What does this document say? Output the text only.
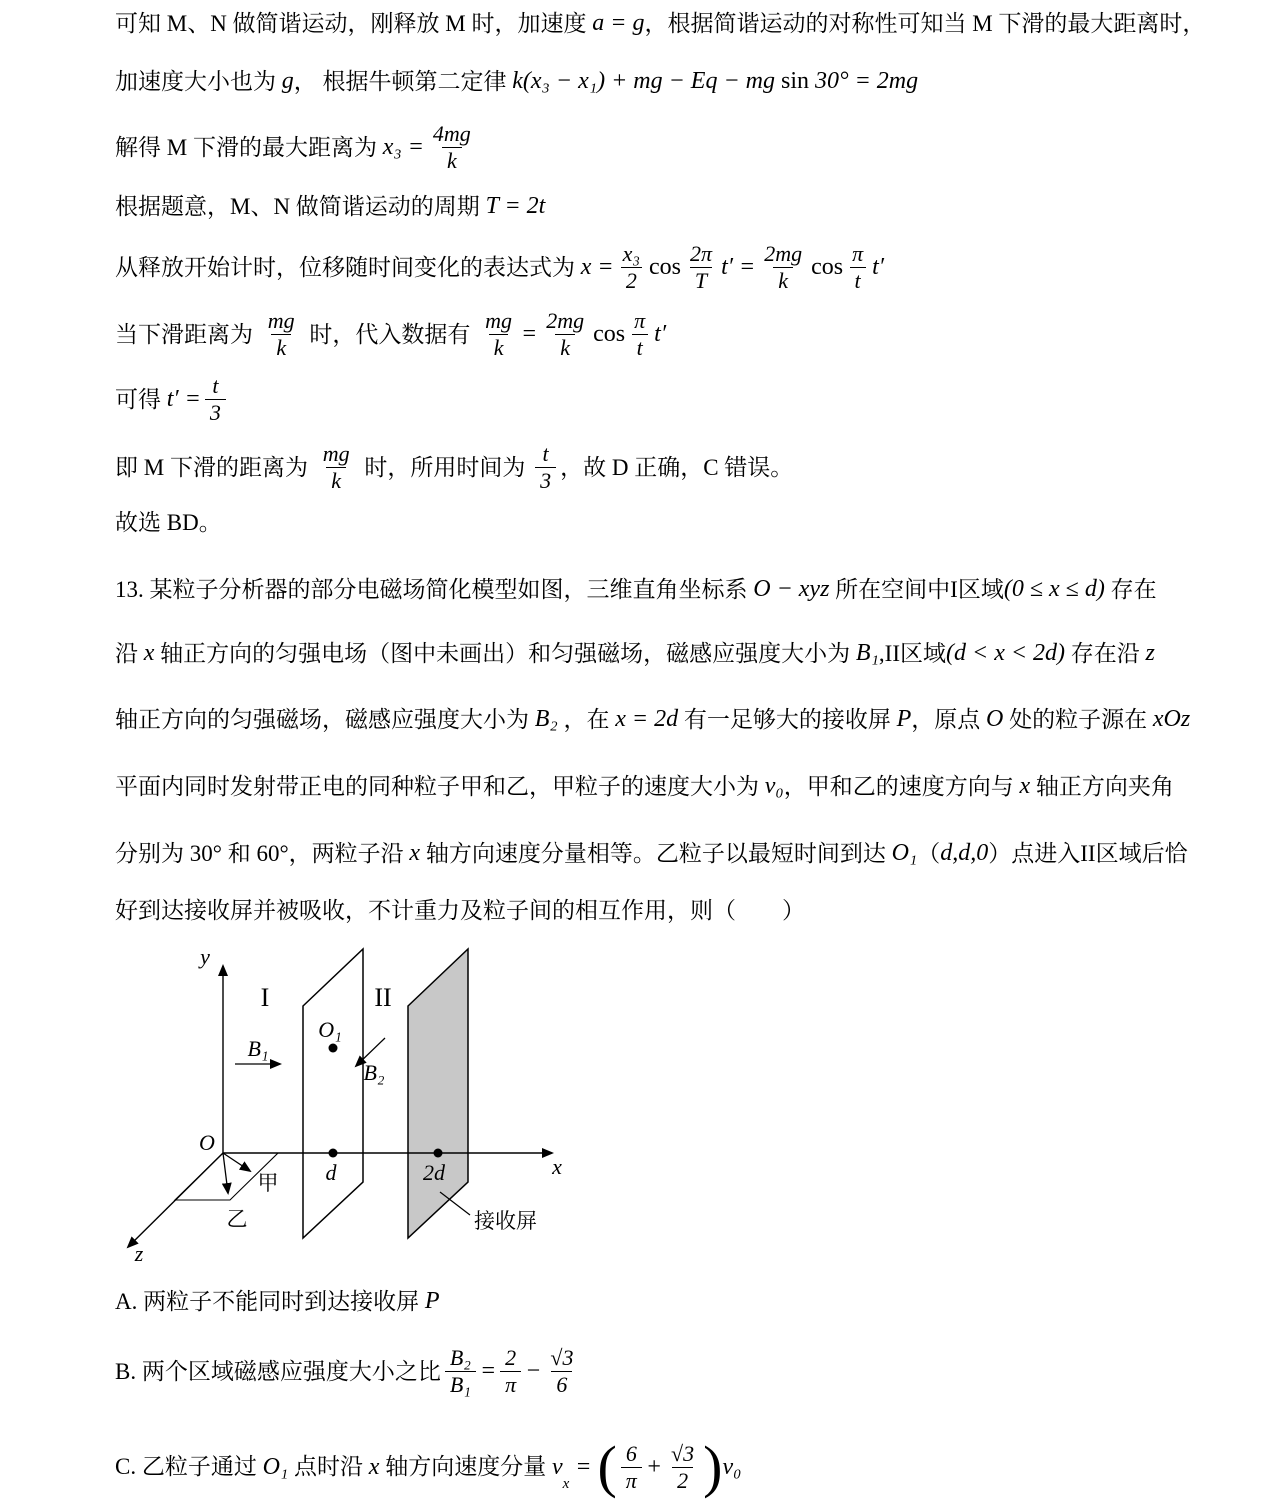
可知 M、N 做简谐运动，刚释放 M 时，加速度 a = g ，根据简谐运动的对称性可知当 M 下滑的最大距离时，
加速度大小也为 g ， 根据牛顿第二定律 k(x₃ − x₁) + mg − Eq − mg sin 30° = 2mg
解得 M 下滑的最大距离为 $x_3 = \frac{4mg}{k}$
根据题意，M、N 做简谐运动的周期 T = 2t
从释放开始计时，位移随时间变化的表达式为 $x = \frac{\text{x₃}}{2}$ $\cos \frac{2\pi}{T} t' = \frac{2mg}{k}$ $\cos \frac{\pi}{t} t'$
当下滑距离为 $\frac{mg}{k}$ 时，代入数据有 $\frac{mg}{k} = \frac{2mg}{k}$ $\cos \frac{\pi}{t} t'$
可得 $t' = \frac{t}{3}$
即 M 下滑的距离为 $\frac{mg}{k}$ 时，所用时间为 $\frac{t}{3}$ ，故 D 正确，C 错误。
故选 BD。
13. 某粒子分析器的部分电磁场简化模型如图，三维直角坐标系 O − xyz 所在空间中I区域 (0 ≤ x ≤ d) 存在
沿 x 轴正方向的匀强电场（图中未画出）和匀强磁场，磁感应强度大小为 B₁ ,II区域 (d < x < 2d) 存在沿 z
轴正方向的匀强磁场，磁感应强度大小为 B₂ ，在 x = 2d 有一足够大的接收屏 P ，原点 O 处的粒子源在 xOz
平面内同时发射带正电的同种粒子甲和乙，甲粒子的速度大小为 v₀ ，甲和乙的速度方向与 x 轴正方向夹角
分别为 30° 和 60°，两粒子沿 x 轴方向速度分量相等。乙粒子以最短时间到达 O₁ （ d,d,0 ）点进入II区域后恰
好到达接收屏并被吸收，不计重力及粒子间的相互作用，则（　　）
y
x
z
O
I	II
B₁
B₂
O₁
d	2d
甲
乙	接收屏
A. 两粒子不能同时到达接收屏 P
B. 两个区域磁感应强度大小之比 $\frac{\text{B₂}}{\text{B₁}} = \frac{2}{\pi} - \frac{√3}{6}$
C. 乙粒子通过 O₁ 点时沿 x 轴方向速度分量 v
x
= ( $\frac{6}{\pi} + \frac{√3}{2}$ ) v₀
